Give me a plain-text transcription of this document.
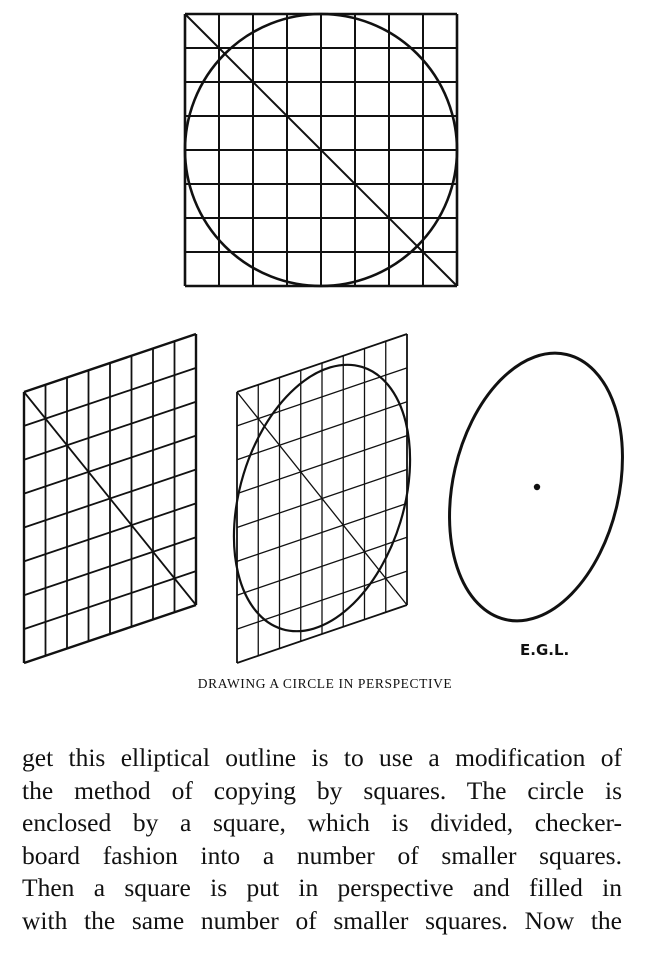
E.G.L.
DRAWING A CIRCLE IN PERSPECTIVE
get this elliptical outline is to use a modification of
the method of copying by squares. The circle is
enclosed by a square, which is divided, checker-
board fashion into a number of smaller squares.
Then a square is put in perspective and filled in
with the same number of smaller squares. Now the
